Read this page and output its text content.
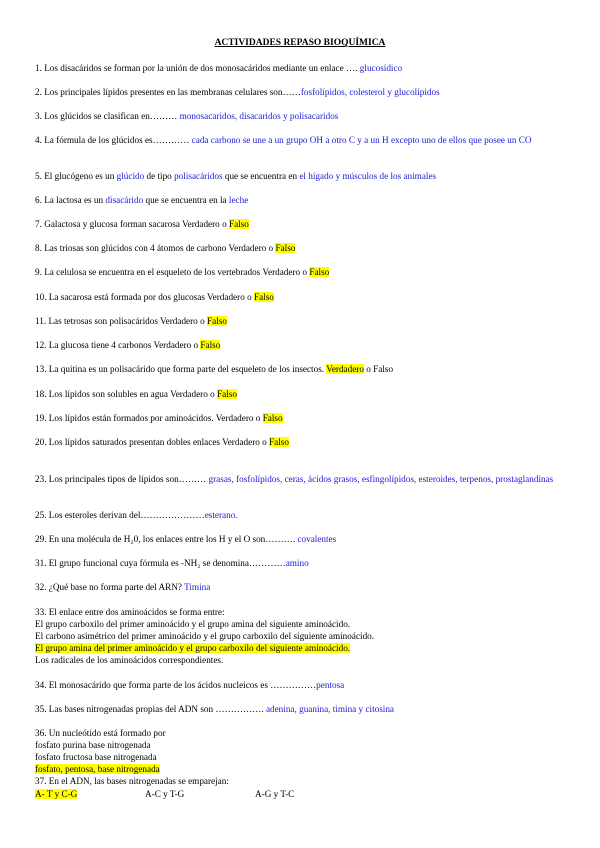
ACTIVIDADES REPASO BIOQUÍMICA
1. Los disacáridos se forman por la unión de dos monosacáridos mediante un enlace …. glucosídico
2. Los principales lípidos presentes en las membranas celulares son……fosfolípidos, colesterol y glucolípidos
3. Los glúcidos se clasifican en……… monosacaridos, disacaridos y polisacaridos
4. La fórmula de los glúcidos es………… cada carbono se une a un grupo OH a otro C y a un H excepto uno de ellos que posee un CO
5. El glucógeno es un glúcido de tipo polisacáridos que se encuentra en el hígado y músculos de los animales
6. La lactosa es un disacárido que se encuentra en la leche
7. Galactosa y glucosa forman sacarosa Verdadero o Falso
8. Las triosas son glúcidos con 4 átomos de carbono Verdadero o Falso
9. La celulosa se encuentra en el esqueleto de los vertebrados Verdadero o Falso
10. La sacarosa está formada por dos glucosas Verdadero o Falso
11. Las tetrosas son polisacáridos Verdadero o Falso
12. La glucosa tiene 4 carbonos Verdadero o Falso
13. La quitina es un polisacárido que forma parte del esqueleto de los insectos. Verdadero o Falso
18. Los lípidos son solubles en agua Verdadero o Falso
19. Los lípidos están formados por aminoácidos. Verdadero o Falso
20. Los lípidos saturados presentan dobles enlaces Verdadero o Falso
23. Los principales tipos de lípidos son……… grasas, fosfolípidos, ceras, ácidos grasos, esfingolípidos, esteroides, terpenos, prostaglandinas
25. Los esteroles derivan del…………………esterano.
29. En una molécula de H₂0, los enlaces entre los H y el O son………. covalentes
31. El grupo funcional cuya fórmula es -NH₂ se denomina…………amino
32. ¿Qué base no forma parte del ARN? Timina
33. El enlace entre dos aminoácidos se forma entre:
El grupo carboxilo del primer aminoácido y el grupo amina del siguiente aminoácido.
El carbono asimétrico del primer aminoácido y el grupo carboxilo del siguiente aminoácido.
El grupo amina del primer aminoácido y el grupo carboxilo del siguiente aminoácido.
Los radicales de los aminoácidos correspondientes.
34. El monosacárido que forma parte de los ácidos nucleicos es ……………pentosa
35. Las bases nitrogenadas propias del ADN son ……………. adenina, guanina, timina y citosina
36. Un nucleótido está formado por
fosfato purina base nitrogenada
fosfato fructosa base nitrogenada
fosfato, pentosa, base nitrogenada
37. En el ADN, las bases nitrogenadas se emparejan:
A- T y C-G	A-C y T-G	A-G y T-C
